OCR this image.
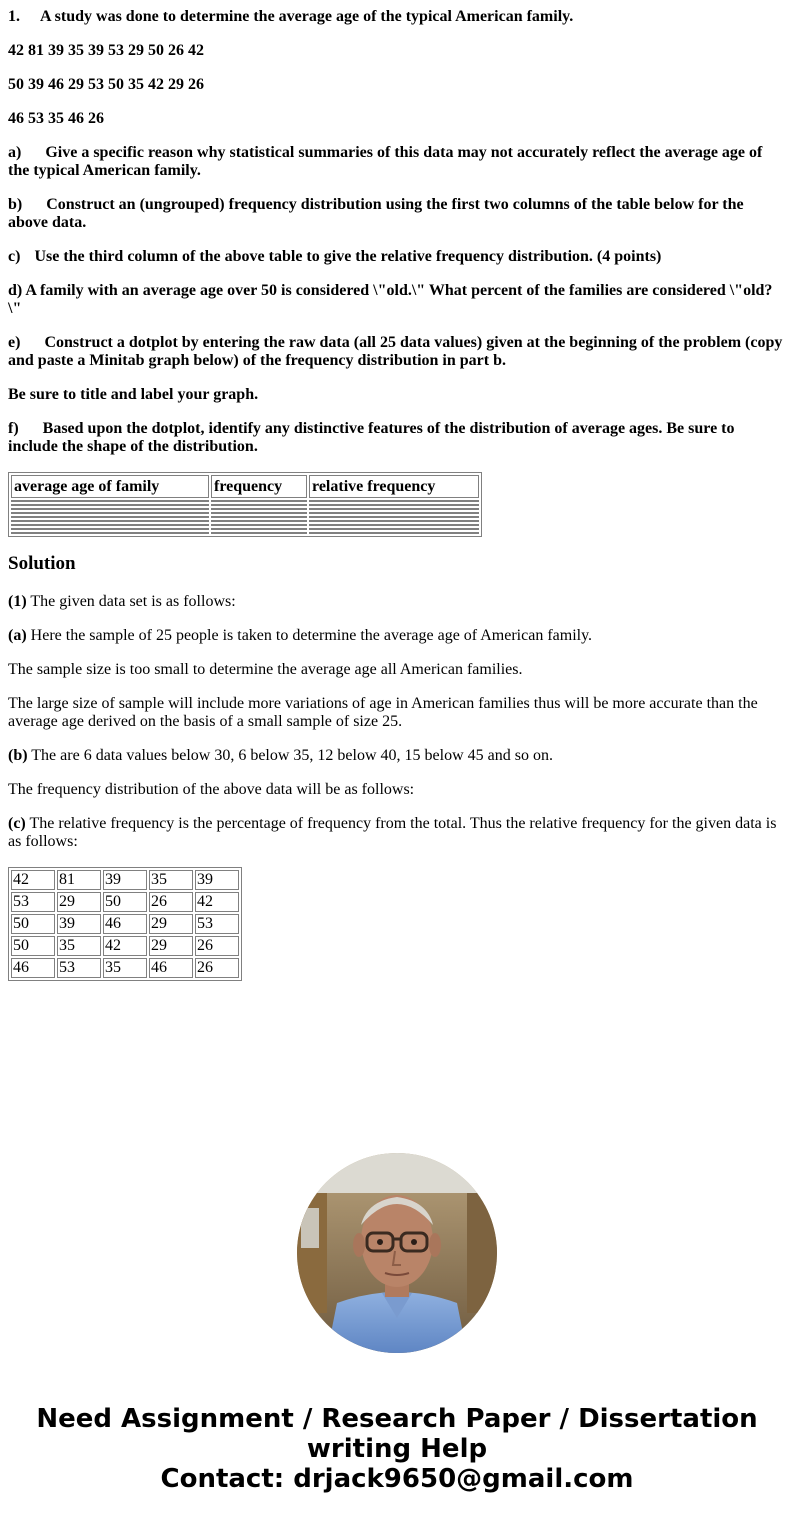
1. A study was done to determine the average age of the typical American family.

42 81 39 35 39 53 29 50 26 42

50 39 46 29 53 50 35 42 29 26

46 53 35 46 26

a) Give a specific reason why statistical summaries of this data may not accurately reflect the average age of the typical American family.

b) Construct an (ungrouped) frequency distribution using the first two columns of the table below for the above data.

c) Use the third column of the above table to give the relative frequency distribution. (4 points)

d) A family with an average age over 50 is considered \"old.\" What percent of the families are considered \"old?\"

e) Construct a dotplot by entering the raw data (all 25 data values) given at the beginning of the problem (copy and paste a Minitab graph below) of the frequency distribution in part b.

Be sure to title and label your graph.

f) Based upon the dotplot, identify any distinctive features of the distribution of average ages. Be sure to include the shape of the distribution.

average age of family	frequency	relative frequency

Solution

(1) The given data set is as follows:

(a) Here the sample of 25 people is taken to determine the average age of American family.

The sample size is too small to determine the average age all American families.

The large size of sample will include more variations of age in American families thus will be more accurate than the average age derived on the basis of a small sample of size 25.

(b) The are 6 data values below 30, 6 below 35, 12 below 40, 15 below 45 and so on.

The frequency distribution of the above data will be as follows:

(c) The relative frequency is the percentage of frequency from the total. Thus the relative frequency for the given data is as follows:

42	81	39	35	39
53	29	50	26	42
50	39	46	29	53
50	35	42	29	26
46	53	35	46	26
Need Assignment / Research Paper / Dissertation
writing Help
Contact: drjack9650@gmail.com
